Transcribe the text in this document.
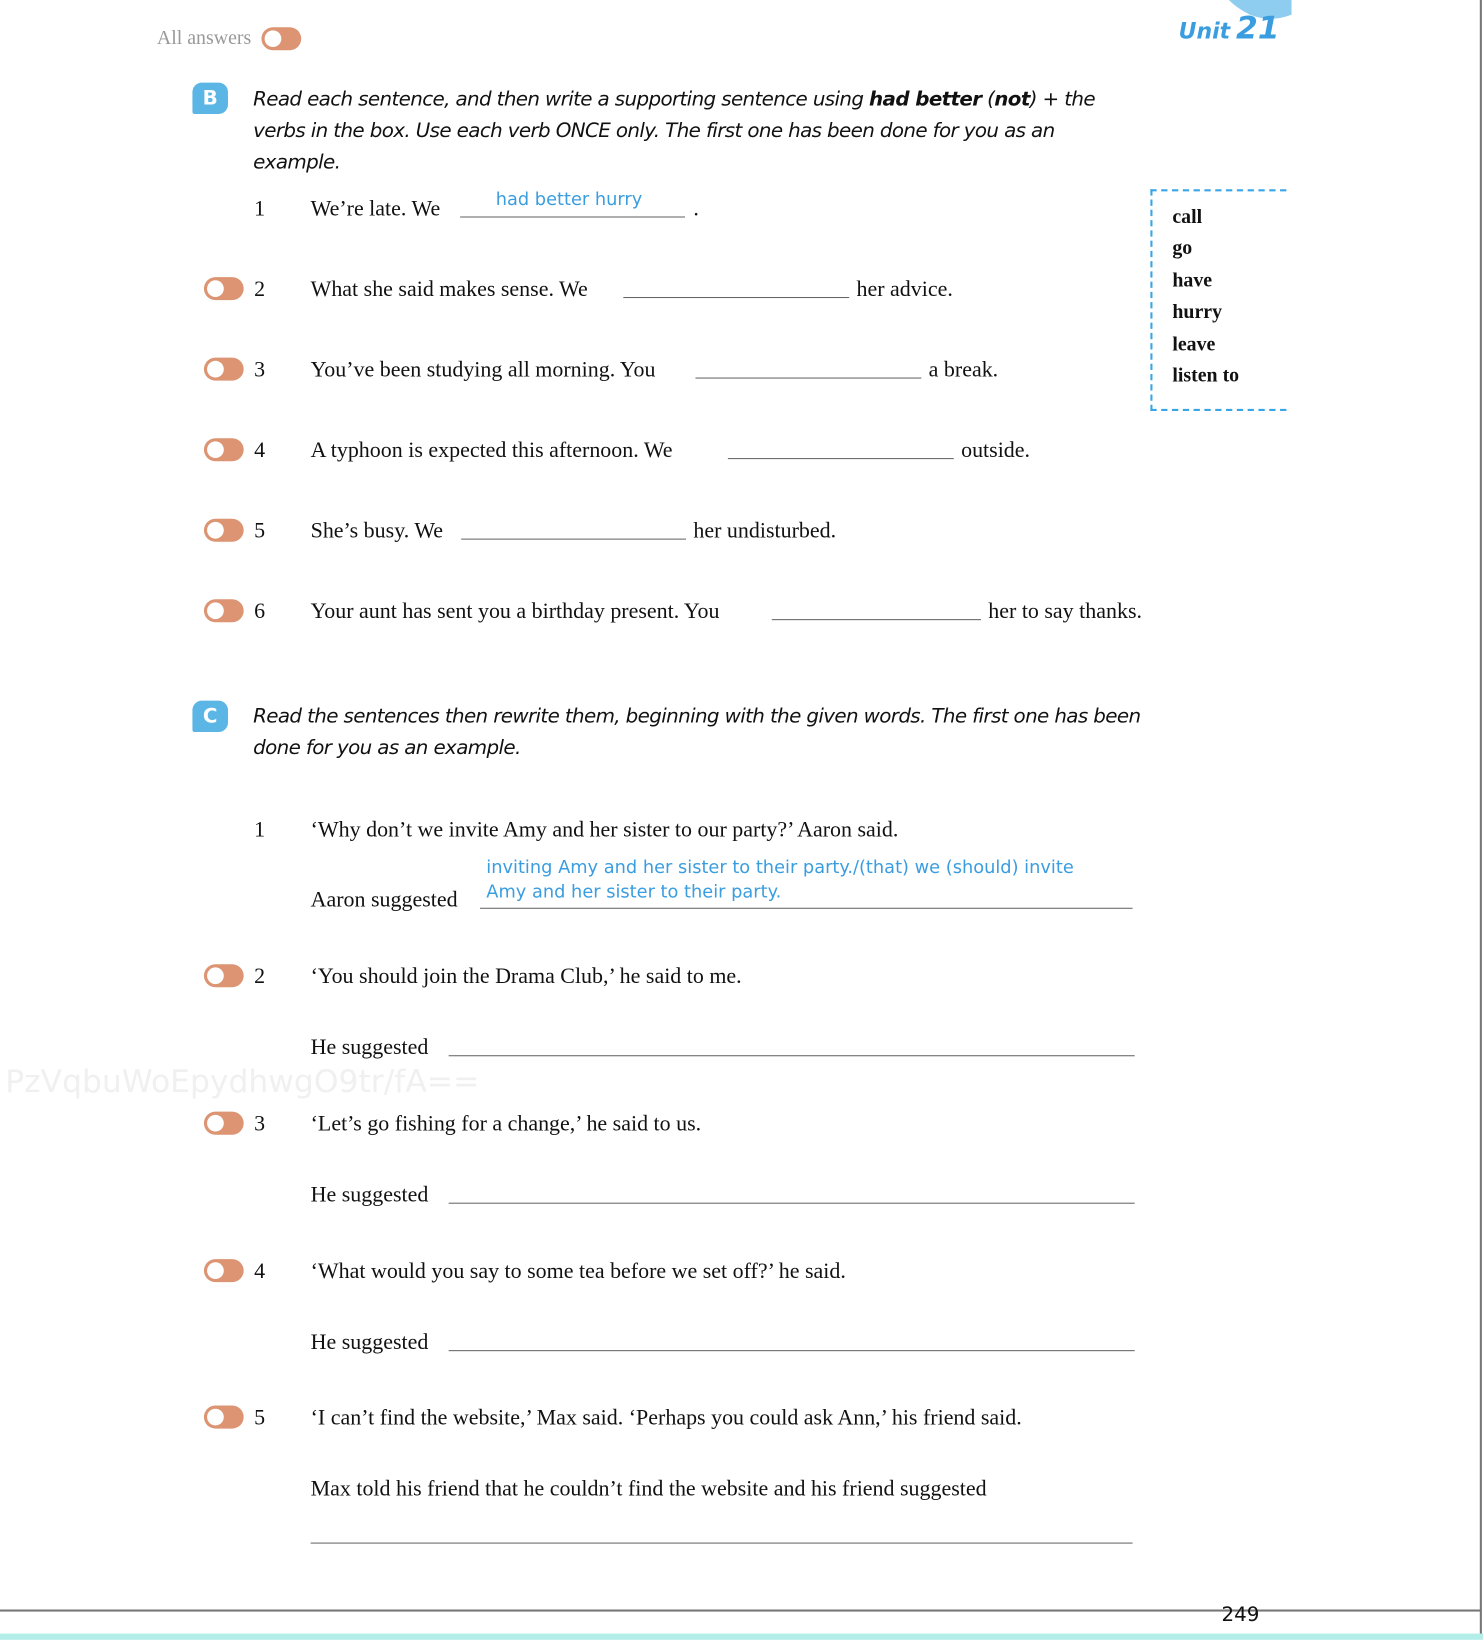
All answers	Unit 21
B	Read each sentence, and then write a supporting sentence using had better (not) + the verbs in the box. Use each verb ONCE only. The first one has been done for you as an example.
1 We’re late. We	had better hurry .
2 What she said makes sense. We	her advice.
3 You’ve been studying all morning. You	a break.
4 A typhoon is expected this afternoon. We	outside.
5 She’s busy. We	her undisturbed.
6 Your aunt has sent you a birthday present. You	her to say thanks.
call
go
have
hurry
leave
listen to
C	Read the sentences then rewrite them, beginning with the given words. The first one has been done for you as an example.
1 ‘Why don’t we invite Amy and her sister to our party?’ Aaron said.
Aaron suggested
inviting Amy and her sister to their party./(that) we (should) invite
Amy and her sister to their party.
2 ‘You should join the Drama Club,’ he said to me.
He suggested
3 ‘Let’s go fishing for a change,’ he said to us.
He suggested
4 ‘What would you say to some tea before we set off?’ he said.
He suggested
5 ‘I can’t find the website,’ Max said. ‘Perhaps you could ask Ann,’ his friend said.
Max told his friend that he couldn’t find the website and his friend suggested
PzVqbuWoEpydhwgO9tr/fA==
249
